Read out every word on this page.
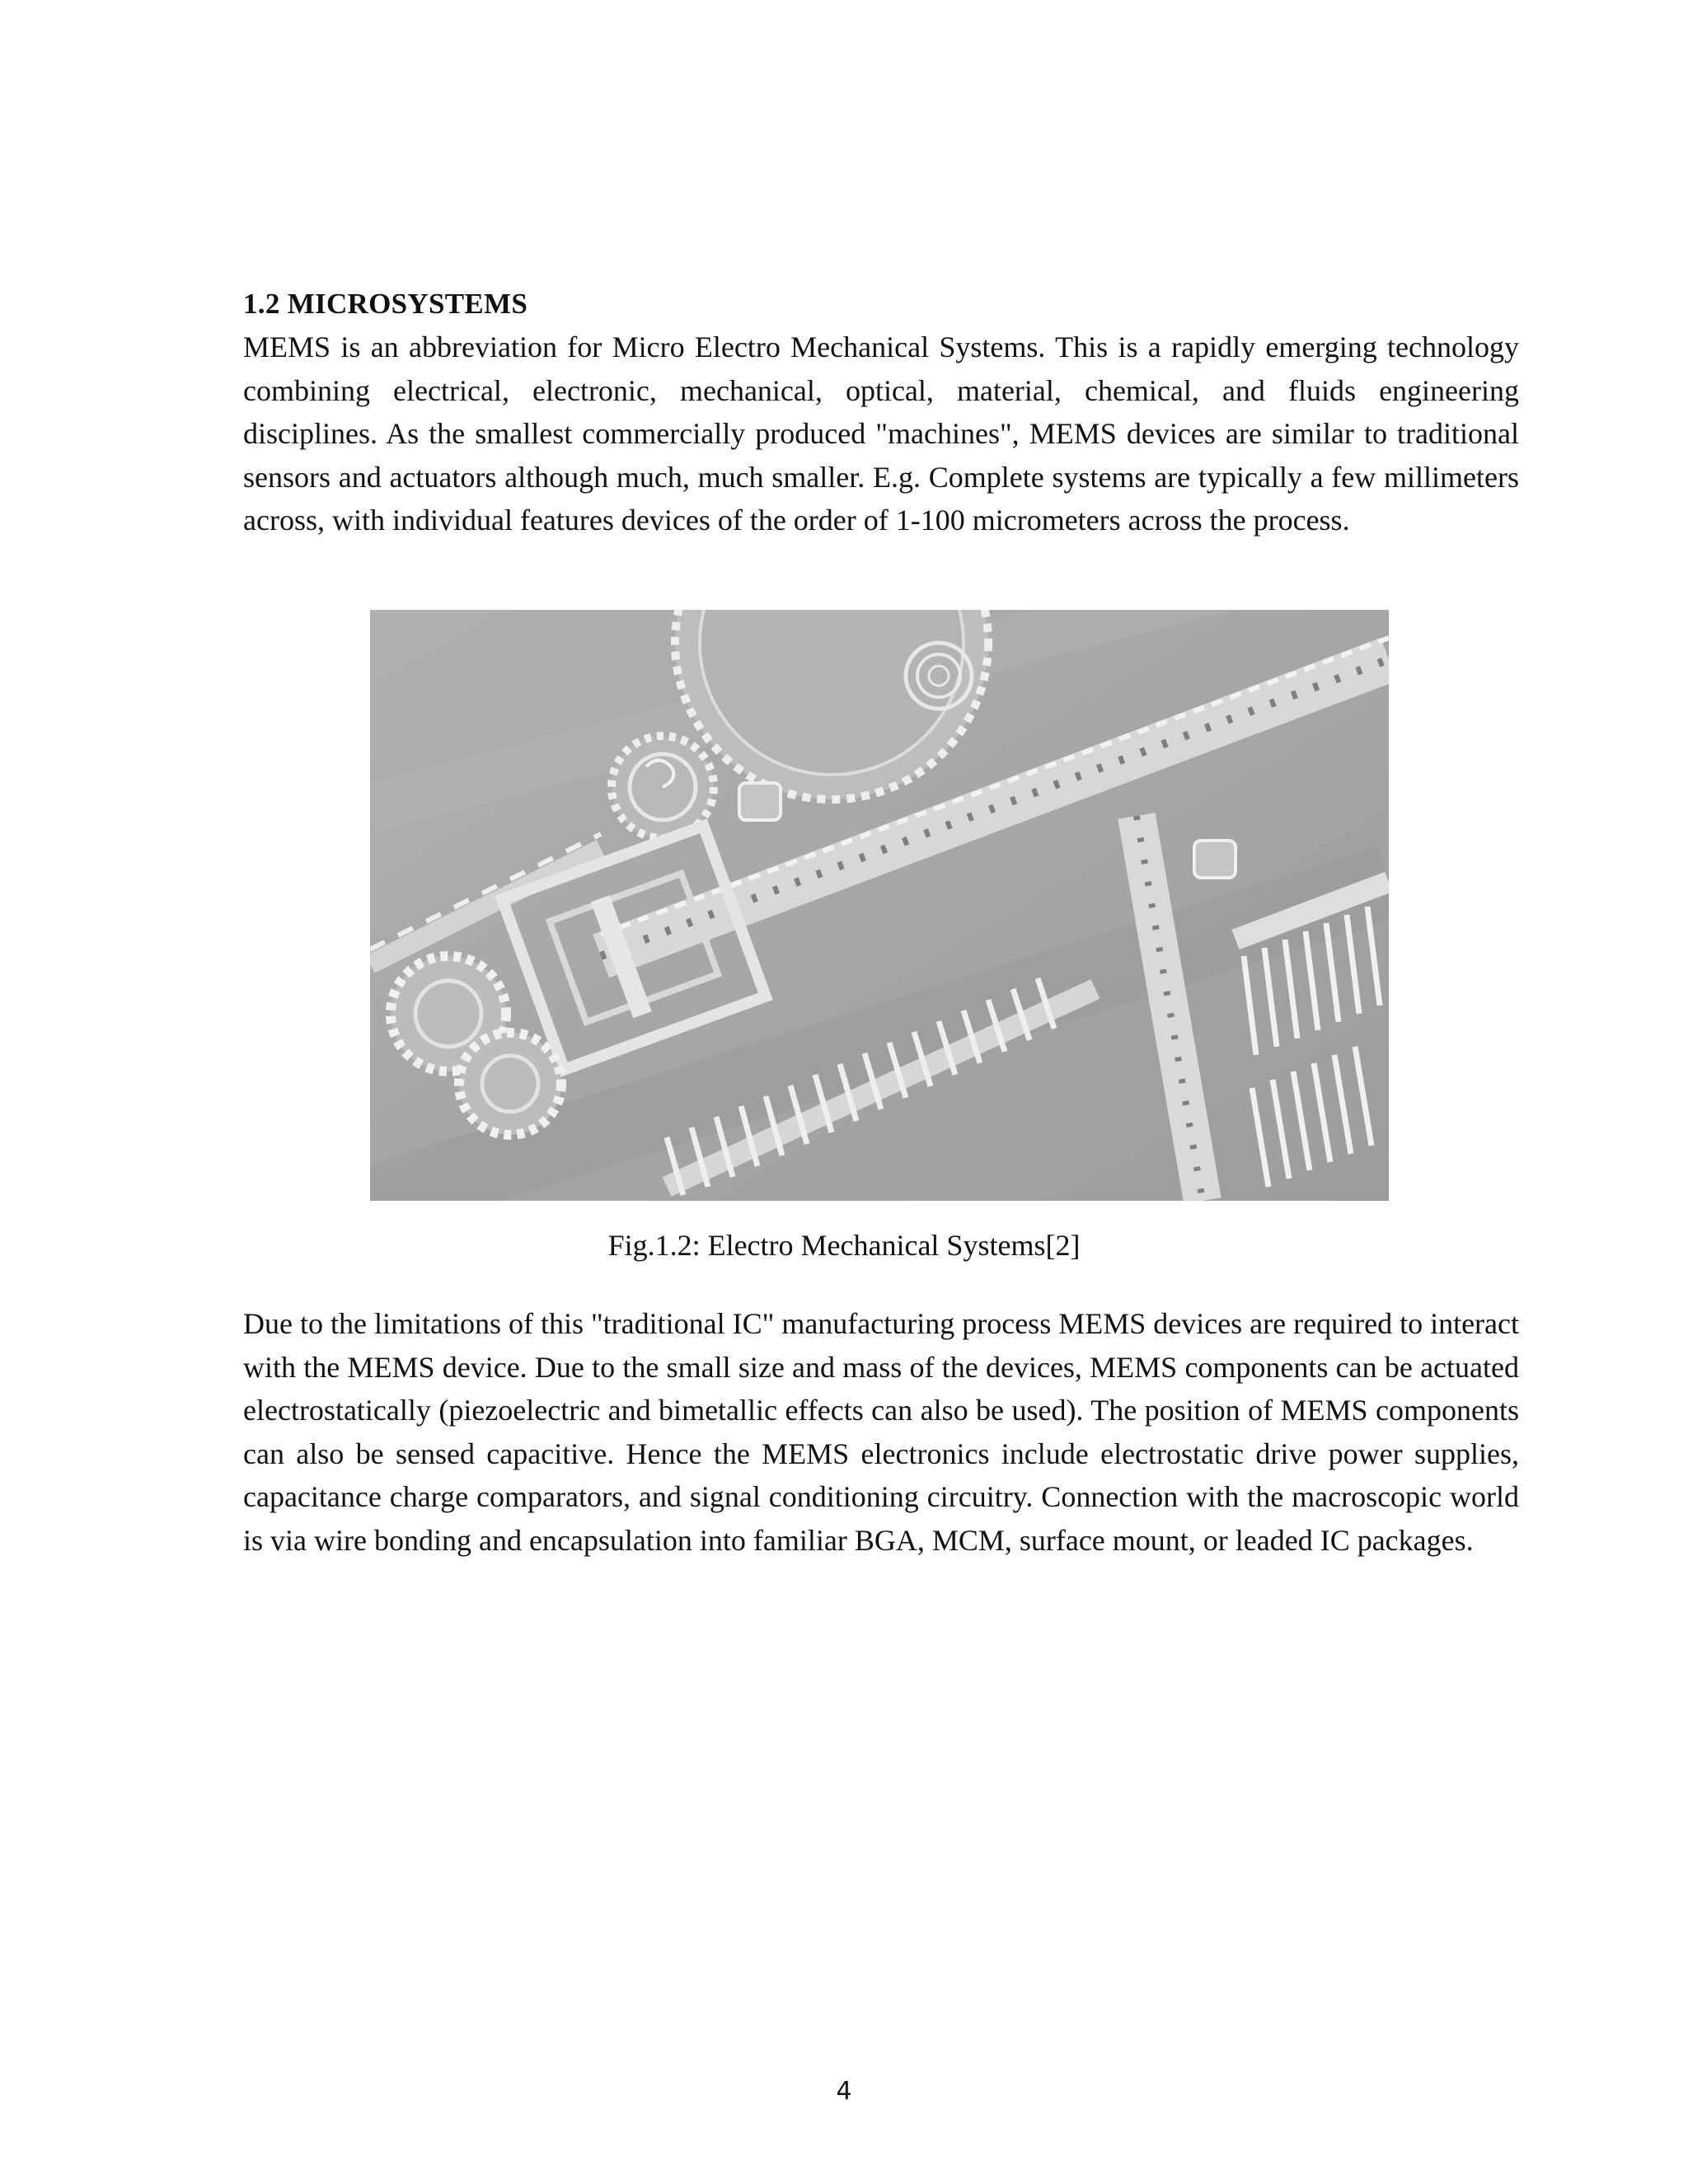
1.2 MICROSYSTEMS

MEMS is an abbreviation for Micro Electro Mechanical Systems. This is a rapidly emerging technology combining electrical, electronic, mechanical, optical, material, chemical, and fluids engineering disciplines. As the smallest commercially produced "machines", MEMS devices are similar to traditional sensors and actuators although much, much smaller. E.g. Complete systems are typically a few millimeters across, with individual features devices of the order of 1-100 micrometers across the process.

Fig.1.2: Electro Mechanical Systems[2]

Due to the limitations of this "traditional IC" manufacturing process MEMS devices are required to interact with the MEMS device. Due to the small size and mass of the devices, MEMS components can be actuated electrostatically (piezoelectric and bimetallic effects can also be used). The position of MEMS components can also be sensed capacitive. Hence the MEMS electronics include electrostatic drive power supplies, capacitance charge comparators, and signal conditioning circuitry. Connection with the macroscopic world is via wire bonding and encapsulation into familiar BGA, MCM, surface mount, or leaded IC packages.

4
